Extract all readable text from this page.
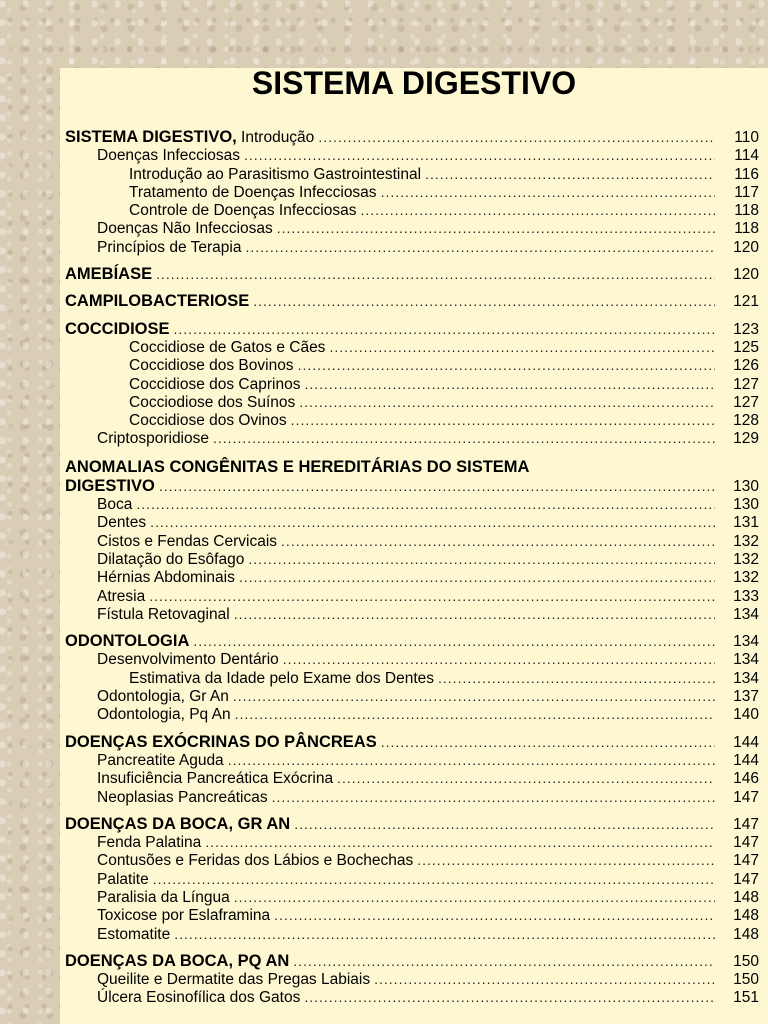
SISTEMA DIGESTIVO
SISTEMA DIGESTIVO, Introdução .....	110
Doenças Infecciosas .....	114
Introdução ao Parasitismo Gastrointestinal .....	116
Tratamento de Doenças Infecciosas .....	117
Controle de Doenças Infecciosas .....	118
Doenças Não Infecciosas .....	118
Princípios de Terapia .....	120
AMEBÍASE .....	120
CAMPILOBACTERIOSE .....	121
COCCIDIOSE .....	123
Coccidiose de Gatos e Cães .....	125
Coccidiose dos Bovinos .....	126
Coccidiose dos Caprinos .....	127
Cocciodiose dos Suínos .....	127
Coccidiose dos Ovinos .....	128
Criptosporidiose .....	129
ANOMALIAS CONGÊNITAS E HEREDITÁRIAS DO SISTEMA
DIGESTIVO .....	130
Boca .....	130
Dentes .....	131
Cistos e Fendas Cervicais .....	132
Dilatação do Esôfago .....	132
Hérnias Abdominais .....	132
Atresia .....	133
Fístula Retovaginal .....	134
ODONTOLOGIA .....	134
Desenvolvimento Dentário .....	134
Estimativa da Idade pelo Exame dos Dentes .....	134
Odontologia, Gr An .....	137
Odontologia, Pq An .....	140
DOENÇAS EXÓCRINAS DO PÂNCREAS .....	144
Pancreatite Aguda .....	144
Insuficiência Pancreática Exócrina .....	146
Neoplasias Pancreáticas .....	147
DOENÇAS DA BOCA, GR AN .....	147
Fenda Palatina .....	147
Contusões e Feridas dos Lábios e Bochechas .....	147
Palatite .....	147
Paralisia da Língua .....	148
Toxicose por Eslaframina .....	148
Estomatite .....	148
DOENÇAS DA BOCA, PQ AN .....	150
Queilite e Dermatite das Pregas Labiais .....	150
Úlcera Eosinofílica dos Gatos .....	151
